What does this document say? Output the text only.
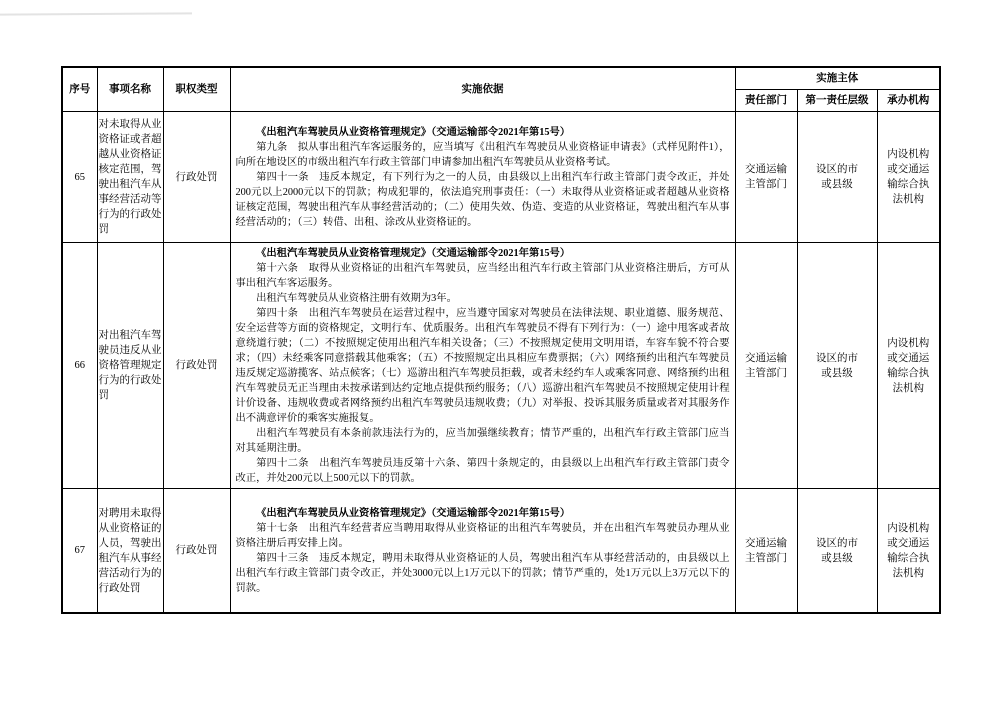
序号	事项名称	职权类型	实施依据	实施主体		
				责任部门	第一责任层级	承办机构
65	对未取得从业资格证或者超越从业资格证核定范围，驾驶出租汽车从事经营活动等行为的行政处罚	行政处罚	《出租汽车驾驶员从业资格管理规定》（交通运输部令2021年第15号）

第九条　拟从事出租汽车客运服务的，应当填写《出租汽车驾驶员从业资格证申请表》（式样见附件1），向所在地设区的市级出租汽车行政主管部门申请参加出租汽车驾驶员从业资格考试。

第四十一条　违反本规定，有下列行为之一的人员，由县级以上出租汽车行政主管部门责令改正，并处200元以上2000元以下的罚款；构成犯罪的，依法追究刑事责任：（一）未取得从业资格证或者超越从业资格证核定范围，驾驶出租汽车从事经营活动的；（二）使用失效、伪造、变造的从业资格证，驾驶出租汽车从事经营活动的；（三）转借、出租、涂改从业资格证的。	交通运输主管部门	设区的市或县级	内设机构或交通运输综合执法机构
66	对出租汽车驾驶员违反从业资格管理规定行为的行政处罚	行政处罚	

《出租汽车驾驶员从业资格管理规定》（交通运输部令2021年第15号）

第十六条　取得从业资格证的出租汽车驾驶员，应当经出租汽车行政主管部门从业资格注册后，方可从事出租汽车客运服务。

出租汽车驾驶员从业资格注册有效期为3年。

第四十条　出租汽车驾驶员在运营过程中，应当遵守国家对驾驶员在法律法规、职业道德、服务规范、安全运营等方面的资格规定，文明行车、优质服务。出租汽车驾驶员不得有下列行为：（一）途中甩客或者故意绕道行驶；（二）不按照规定使用出租汽车相关设备；（三）不按照规定使用文明用语，车容车貌不符合要求；（四）未经乘客同意搭载其他乘客；（五）不按照规定出具相应车费票据；（六）网络预约出租汽车驾驶员违反规定巡游揽客、站点候客；（七）巡游出租汽车驾驶员拒载，或者未经约车人或乘客同意、网络预约出租汽车驾驶员无正当理由未按承诺到达约定地点提供预约服务；（八）巡游出租汽车驾驶员不按照规定使用计程计价设备、违规收费或者网络预约出租汽车驾驶员违规收费；（九）对举报、投诉其服务质量或者对其服务作出不满意评价的乘客实施报复。

出租汽车驾驶员有本条前款违法行为的，应当加强继续教育；情节严重的，出租汽车行政主管部门应当对其延期注册。

第四十二条　出租汽车驾驶员违反第十六条、第四十条规定的，由县级以上出租汽车行政主管部门责令改正，并处200元以上500元以下的罚款。

	交通运输主管部门	设区的市或县级	内设机构或交通运输综合执法机构
67	对聘用未取得从业资格证的人员，驾驶出租汽车从事经营活动行为的行政处罚	行政处罚	《出租汽车驾驶员从业资格管理规定》（交通运输部令2021年第15号）

第十七条　出租汽车经营者应当聘用取得从业资格证的出租汽车驾驶员，并在出租汽车驾驶员办理从业资格注册后再安排上岗。

第四十三条　违反本规定，聘用未取得从业资格证的人员，驾驶出租汽车从事经营活动的，由县级以上出租汽车行政主管部门责令改正，并处3000元以上1万元以下的罚款；情节严重的，处1万元以上3万元以下的罚款。	交通运输主管部门	设区的市或县级	内设机构或交通运输综合执法机构
